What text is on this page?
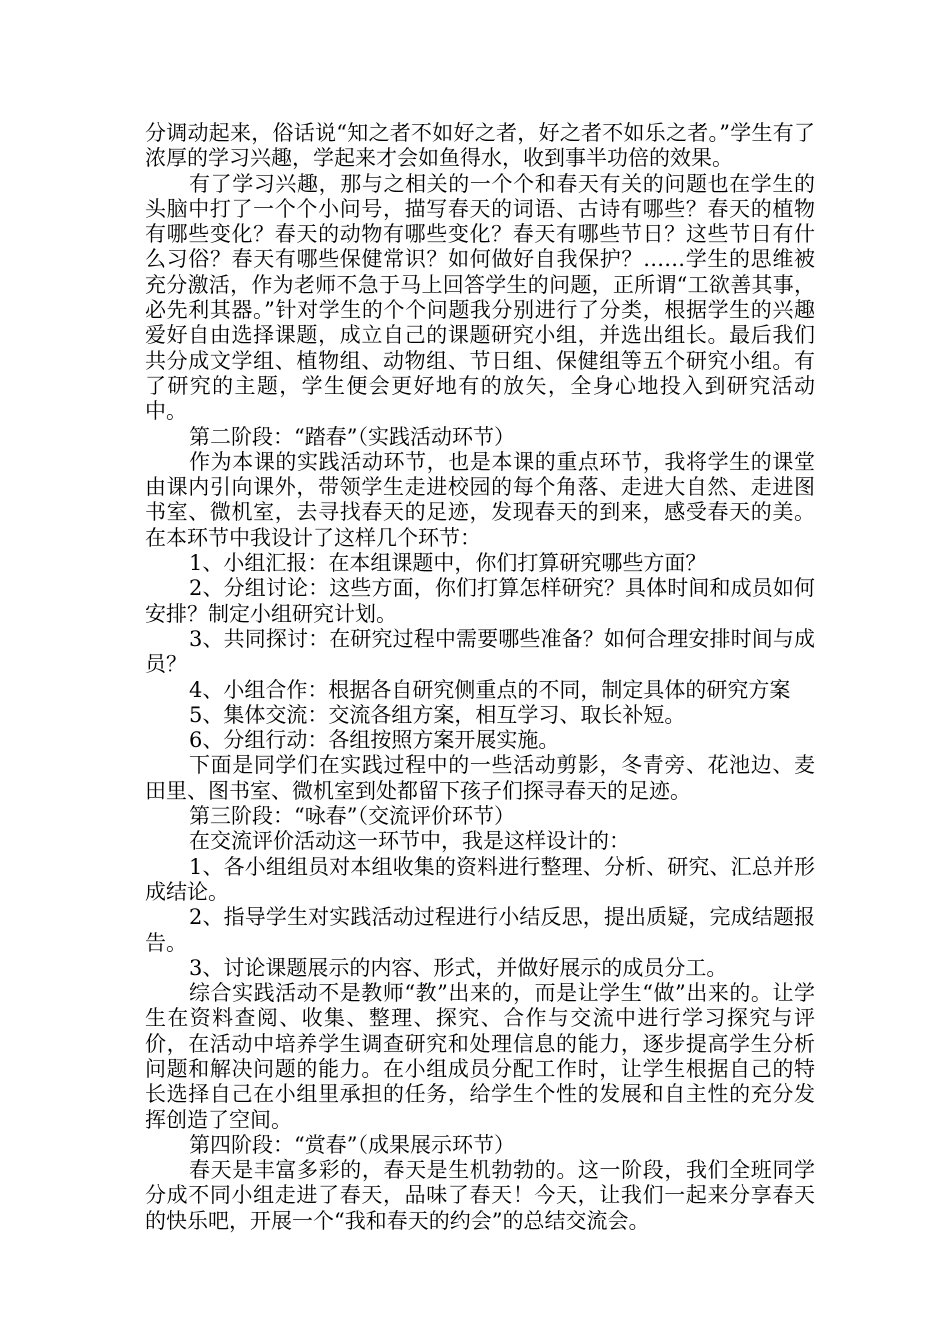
分调动起来，俗话说“知之者不如好之者，好之者不如乐之者。”学生有了浓厚的学习兴趣，学起来才会如鱼得水，收到事半功倍的效果。

有了学习兴趣，那与之相关的一个个和春天有关的问题也在学生的头脑中打了一个个小问号，描写春天的词语、古诗有哪些？春天的植物有哪些变化？春天的动物有哪些变化？春天有哪些节日？这些节日有什么习俗？春天有哪些保健常识？如何做好自我保护？……学生的思维被充分激活，作为老师不急于马上回答学生的问题，正所谓“工欲善其事，必先利其器。”针对学生的个个问题我分别进行了分类，根据学生的兴趣爱好自由选择课题，成立自己的课题研究小组，并选出组长。最后我们共分成文学组、植物组、动物组、节日组、保健组等五个研究小组。有了研究的主题，学生便会更好地有的放矢，全身心地投入到研究活动中。

第二阶段：“踏春”（实践活动环节）

作为本课的实践活动环节，也是本课的重点环节，我将学生的课堂由课内引向课外，带领学生走进校园的每个角落、走进大自然、走进图书室、微机室，去寻找春天的足迹，发现春天的到来，感受春天的美。在本环节中我设计了这样几个环节：

1、小组汇报：在本组课题中，你们打算研究哪些方面？

2、分组讨论：这些方面，你们打算怎样研究？具体时间和成员如何安排？制定小组研究计划。

3、共同探讨：在研究过程中需要哪些准备？如何合理安排时间与成员？

4、小组合作：根据各自研究侧重点的不同，制定具体的研究方案

5、集体交流：交流各组方案，相互学习、取长补短。

6、分组行动：各组按照方案开展实施。

下面是同学们在实践过程中的一些活动剪影，冬青旁、花池边、麦田里、图书室、微机室到处都留下孩子们探寻春天的足迹。

第三阶段：“咏春”（交流评价环节）

在交流评价活动这一环节中，我是这样设计的：

1、各小组组员对本组收集的资料进行整理、分析、研究、汇总并形成结论。

2、指导学生对实践活动过程进行小结反思，提出质疑，完成结题报告。

3、讨论课题展示的内容、形式，并做好展示的成员分工。

综合实践活动不是教师“教”出来的，而是让学生“做”出来的。让学生在资料查阅、收集、整理、探究、合作与交流中进行学习探究与评价，在活动中培养学生调查研究和处理信息的能力，逐步提高学生分析问题和解决问题的能力。在小组成员分配工作时，让学生根据自己的特长选择自己在小组里承担的任务，给学生个性的发展和自主性的充分发挥创造了空间。

第四阶段：“赏春”（成果展示环节）

春天是丰富多彩的，春天是生机勃勃的。这一阶段，我们全班同学分成不同小组走进了春天，品味了春天！今天，让我们一起来分享春天的快乐吧，开展一个“我和春天的约会”的总结交流会。
